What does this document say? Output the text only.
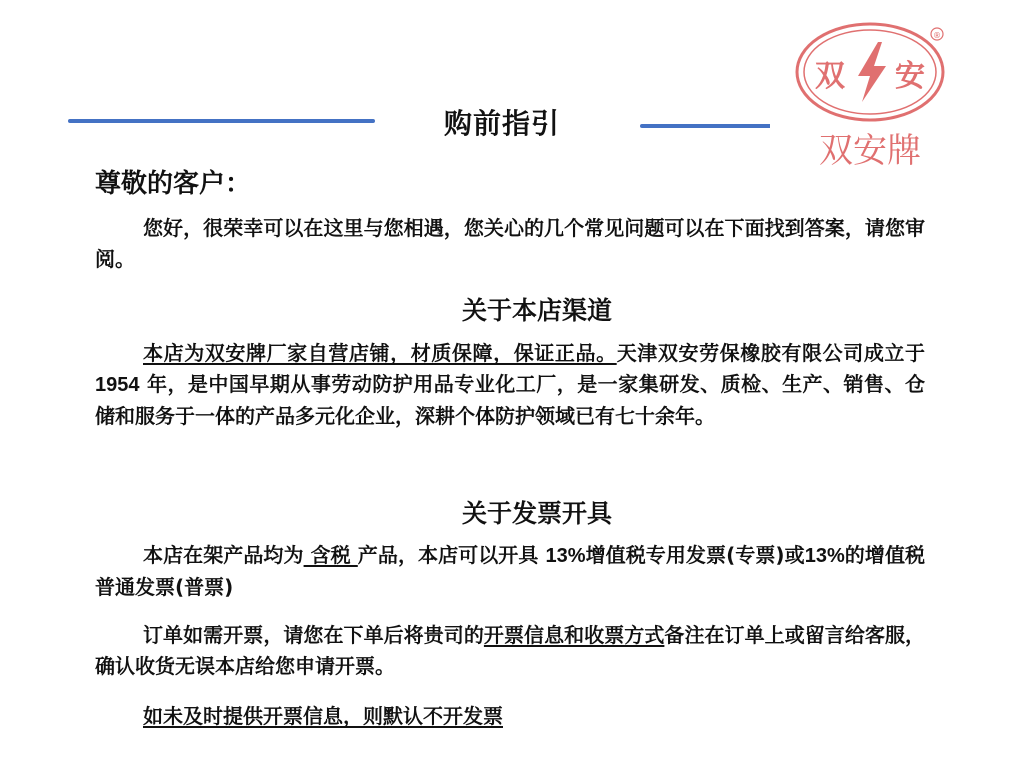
购前指引
双 安
®
双安牌
尊敬的客户：

您好，很荣幸可以在这里与您相遇，您关心的几个常见问题可以在下面找到答案，请您审阅。

关于本店渠道

本店为双安牌厂家自营店铺，材质保障，保证正品。天津双安劳保橡胶有限公司成立于 1954 年，是中国早期从事劳动防护用品专业化工厂，是一家集研发、质检、生产、销售、仓储和服务于一体的产品多元化企业，深耕个体防护领域已有七十余年。

关于发票开具

本店在架产品均为 含税 产品，本店可以开具 13%增值税专用发票(专票)或13%的增值税普通发票(普票)

订单如需开票，请您在下单后将贵司的开票信息和收票方式备注在订单上或留言给客服，确认收货无误本店给您申请开票。

如未及时提供开票信息，则默认不开发票
